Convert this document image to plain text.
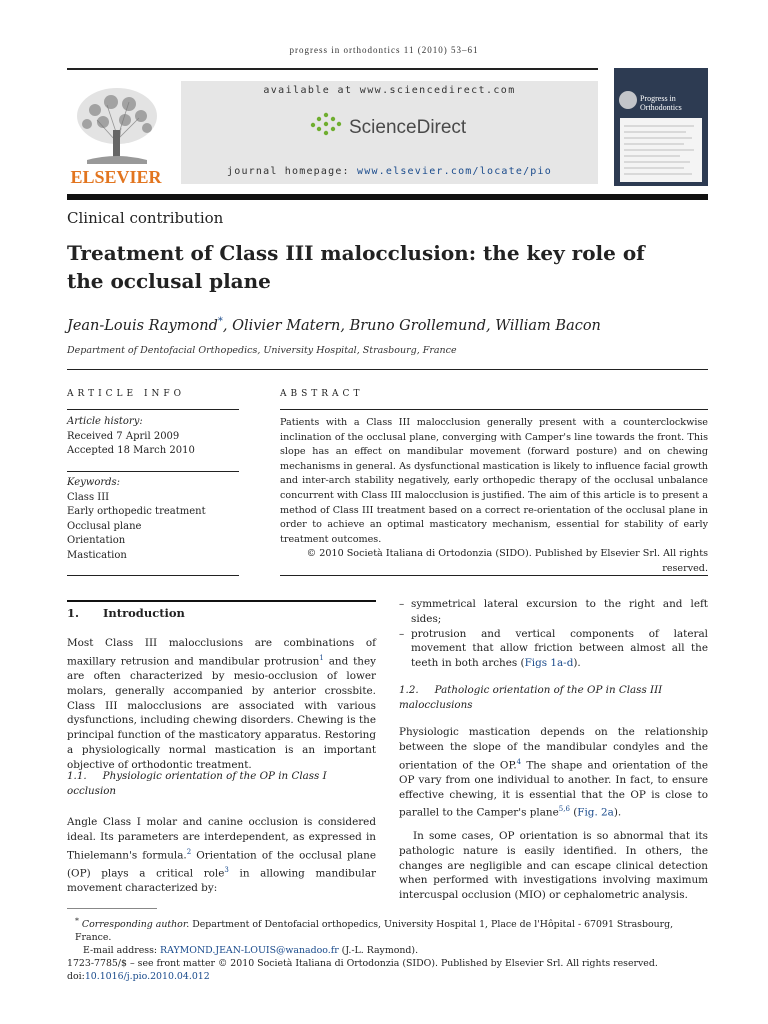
progress in orthodontics 11 (2010) 53–61
ELSEVIER
available at www.sciencedirect.com
ScienceDirect
journal homepage: www.elsevier.com/locate/pio
Progress in Orthodontics
Clinical contribution
Treatment of Class III malocclusion: the key role of the occlusal plane
Jean-Louis Raymond*, Olivier Matern, Bruno Grollemund, William Bacon
Department of Dentofacial Orthopedics, University Hospital, Strasbourg, France
ARTICLE INFO
Article history:
Received 7 April 2009
Accepted 18 March 2010
Keywords:
Class III
Early orthopedic treatment
Occlusal plane
Orientation
Mastication
ABSTRACT
Patients with a Class III malocclusion generally present with a counterclockwise inclination of the occlusal plane, converging with Camper's line towards the front. This slope has an effect on mandibular movement (forward posture) and on chewing mechanisms in general. As dysfunctional mastication is likely to influence facial growth and inter-arch stability negatively, early orthopedic therapy of the occlusal unbalance concurrent with Class III malocclusion is justified. The aim of this article is to present a method of Class III treatment based on a correct re-orientation of the occlusal plane in order to achieve an optimal masticatory mechanism, essential for stability of early treatment outcomes.
© 2010 Società Italiana di Ortodonzia (SIDO). Published by Elsevier Srl. All rights reserved.
1. Introduction
Most Class III malocclusions are combinations of maxillary retrusion and mandibular protrusion$^1$ and they are often characterized by mesio-occlusion of lower molars, generally accompanied by anterior crossbite. Class III malocclusions are associated with various dysfunctions, including chewing disorders. Chewing is the principal function of the masticatory apparatus. Restoring a physiologically normal mastication is an important objective of orthodontic treatment.
1.1. Physiologic orientation of the OP in Class I occlusion
Angle Class I molar and canine occlusion is considered ideal. Its parameters are interdependent, as expressed in Thielemann's formula.$^2$ Orientation of the occlusal plane (OP) plays a critical role$^3$ in allowing mandibular movement characterized by:
– symmetrical lateral excursion to the right and left sides;
– protrusion and vertical components of lateral movement that allow friction between almost all the teeth in both arches (Figs 1a-d).
1.2. Pathologic orientation of the OP in Class III malocclusions
Physiologic mastication depends on the relationship between the slope of the mandibular condyles and the orientation of the OP.$^4$ The shape and orientation of the OP vary from one individual to another. In fact, to ensure effective chewing, it is essential that the OP is close to parallel to the Camper's plane$^{5,6}$ (Fig. 2a).
In some cases, OP orientation is so abnormal that its pathologic nature is easily identified. In others, the changes are negligible and can escape clinical detection when performed with investigations involving maximum intercuspal occlusion (MIO) or cephalometric analysis.
* Corresponding author. Department of Dentofacial orthopedics, University Hospital 1, Place de l'Hôpital - 67091 Strasbourg, France.
E-mail address: RAYMOND.JEAN-LOUIS@wanadoo.fr (J.-L. Raymond).
1723-7785/$ – see front matter © 2010 Società Italiana di Ortodonzia (SIDO). Published by Elsevier Srl. All rights reserved.
doi:10.1016/j.pio.2010.04.012
